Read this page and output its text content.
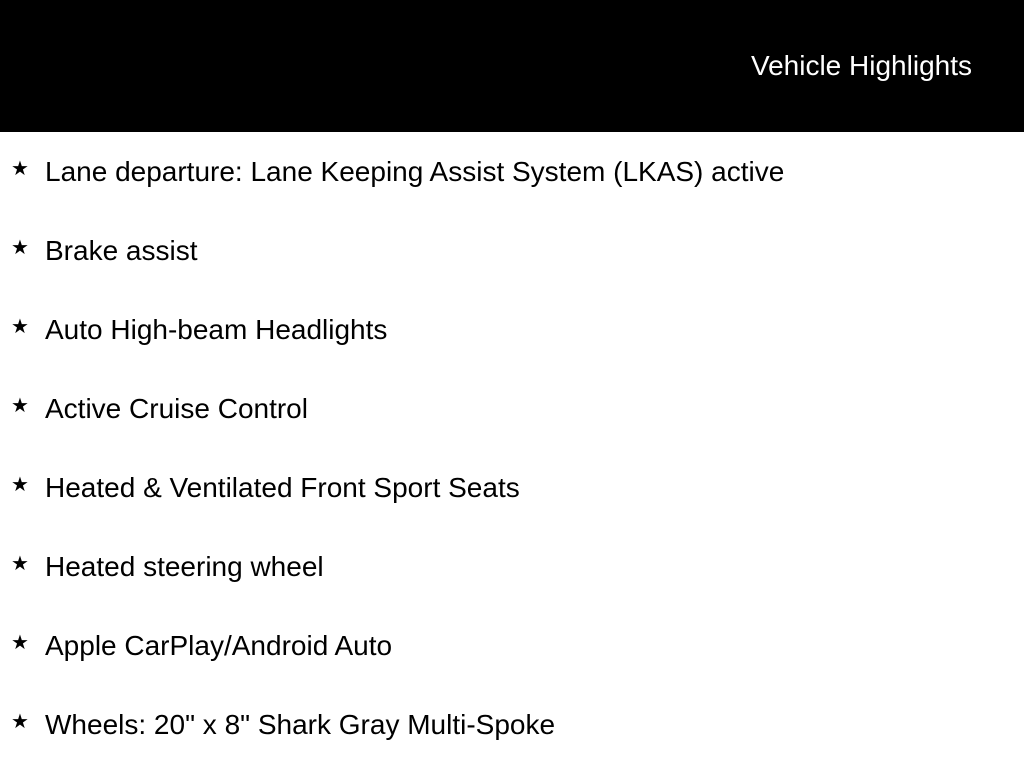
Vehicle Highlights
★ Lane departure: Lane Keeping Assist System (LKAS) active
★ Brake assist
★ Auto High-beam Headlights
★ Active Cruise Control
★ Heated & Ventilated Front Sport Seats
★ Heated steering wheel
★ Apple CarPlay/Android Auto
★ Wheels: 20" x 8" Shark Gray Multi-Spoke
